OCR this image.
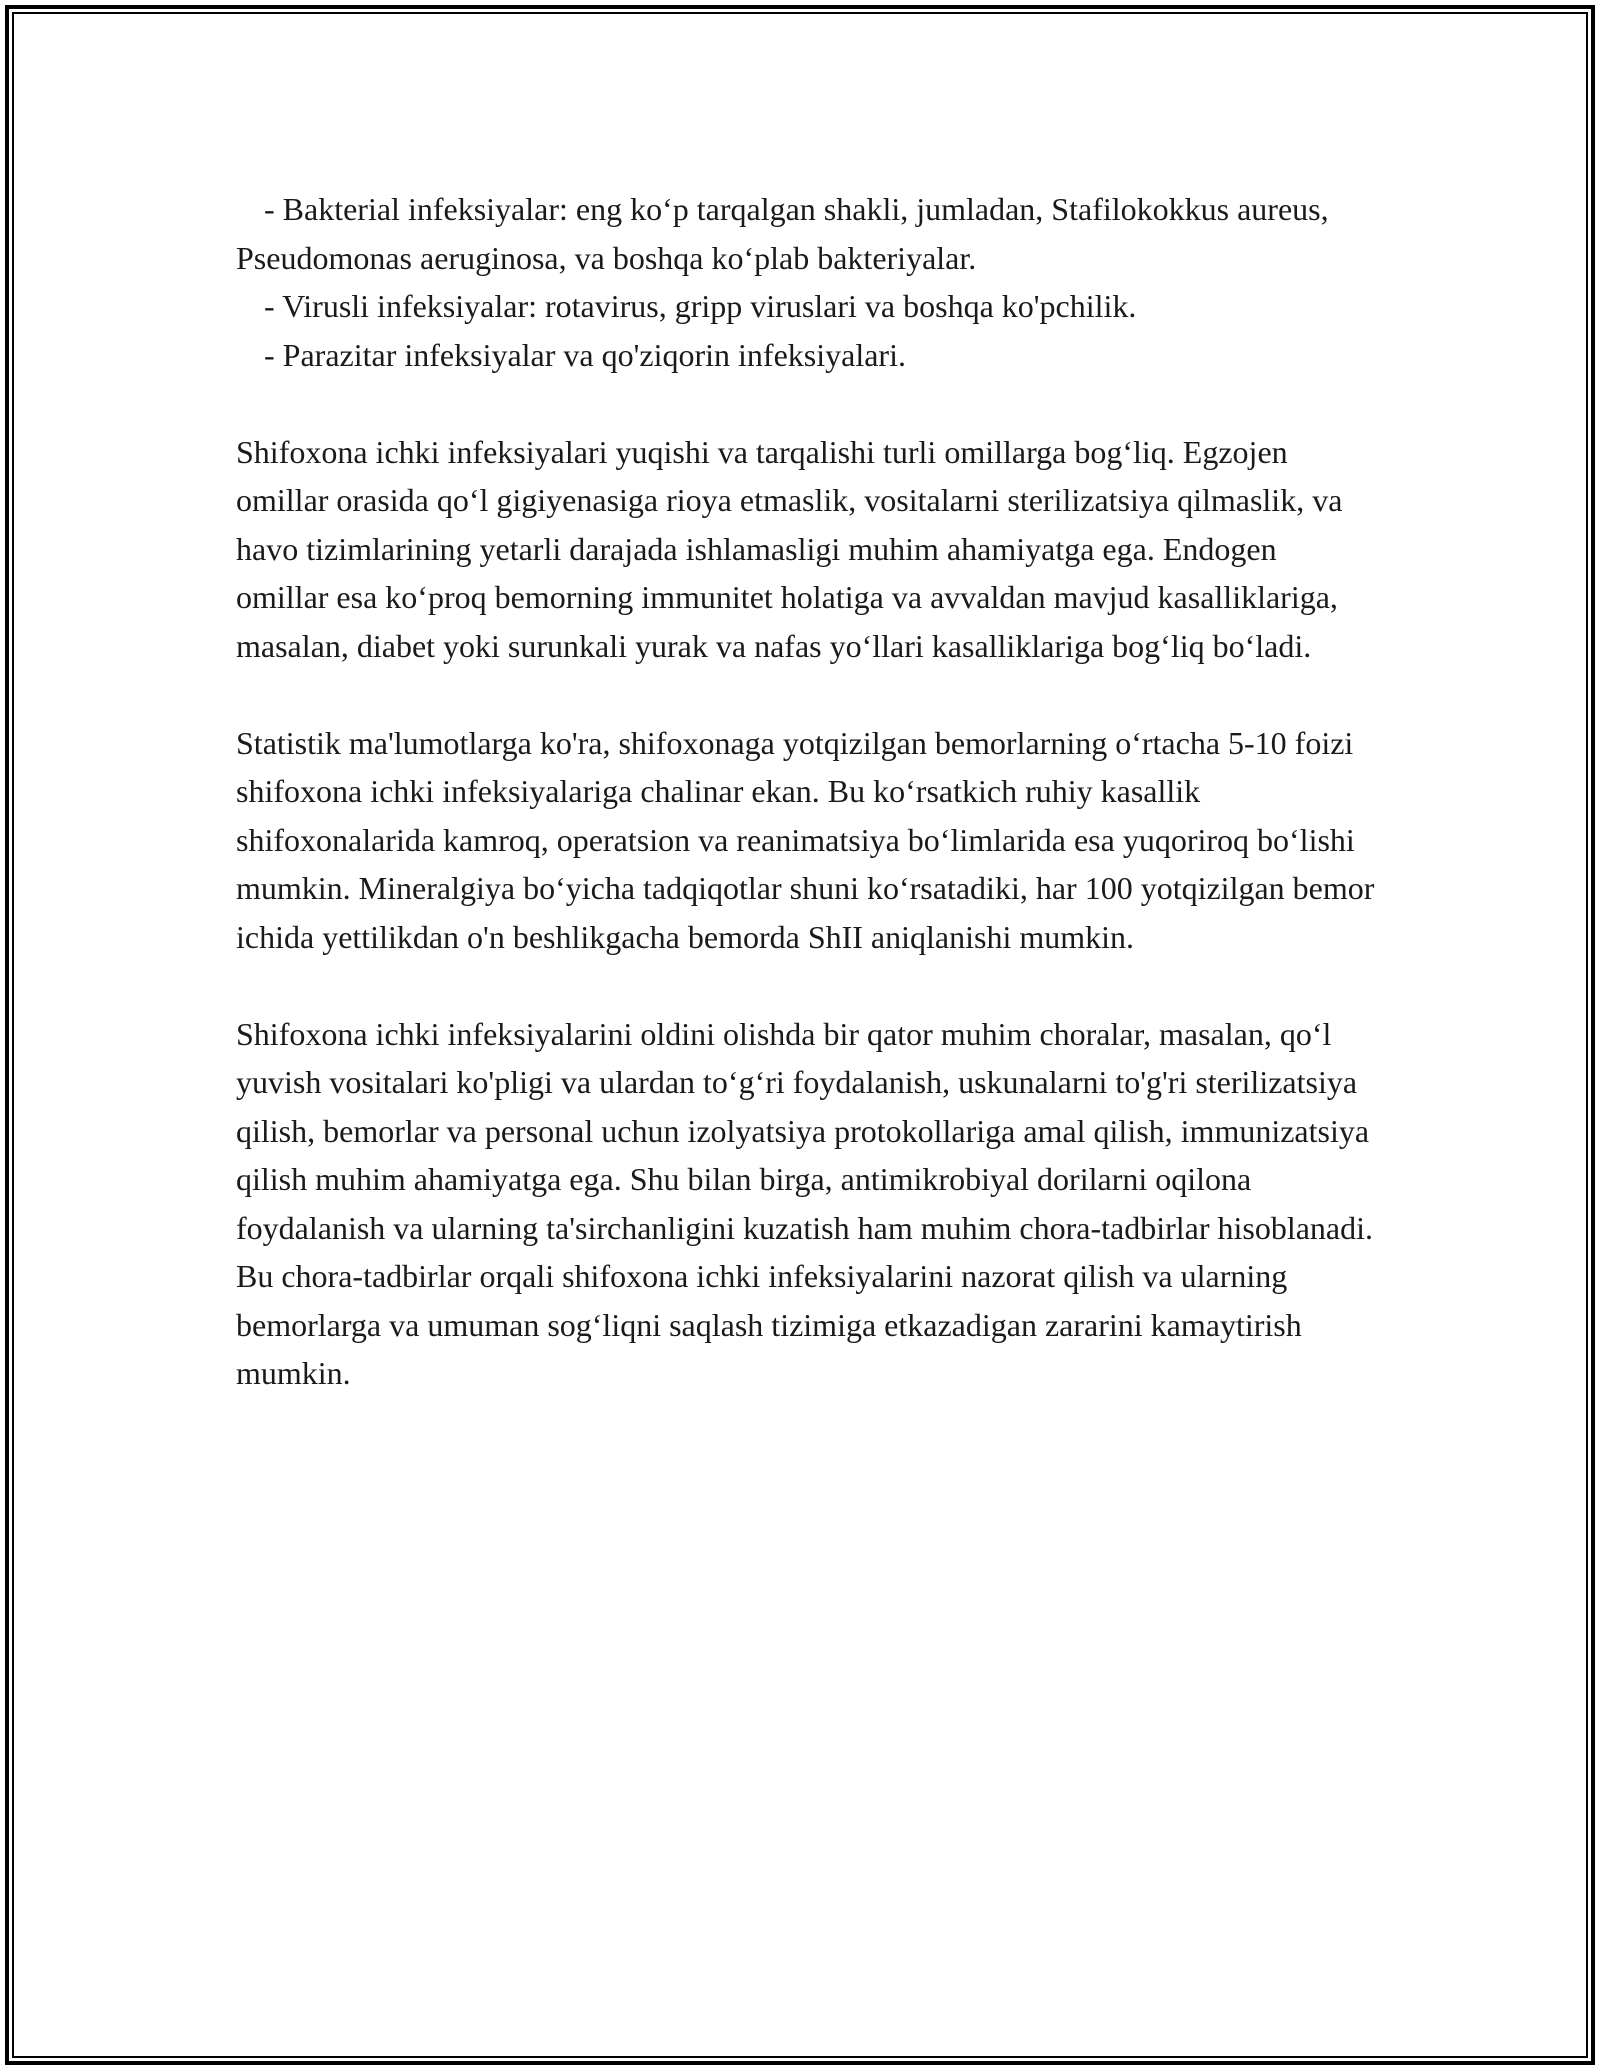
- Bakterial infeksiyalar: eng koʻp tarqalgan shakli, jumladan, Stafilokokkus aureus, Pseudomonas aeruginosa, va boshqa koʻplab bakteriyalar.

- Virusli infeksiyalar: rotavirus, gripp viruslari va boshqa ko'pchilik.

- Parazitar infeksiyalar va qo'ziqorin infeksiyalari.

Shifoxona ichki infeksiyalari yuqishi va tarqalishi turli omillarga bogʻliq. Egzojen omillar orasida qoʻl gigiyenasiga rioya etmaslik, vositalarni sterilizatsiya qilmaslik, va havo tizimlarining yetarli darajada ishlamasligi muhim ahamiyatga ega. Endogen omillar esa koʻproq bemorning immunitet holatiga va avvaldan mavjud kasalliklariga, masalan, diabet yoki surunkali yurak va nafas yoʻllari kasalliklariga bogʻliq boʻladi.

Statistik ma'lumotlarga ko'ra, shifoxonaga yotqizilgan bemorlarning oʻrtacha 5-10 foizi shifoxona ichki infeksiyalariga chalinar ekan. Bu koʻrsatkich ruhiy kasallik shifoxonalarida kamroq, operatsion va reanimatsiya boʻlimlarida esa yuqoriroq boʻlishi mumkin. Mineralgiya boʻyicha tadqiqotlar shuni koʻrsatadiki, har 100 yotqizilgan bemor ichida yettilikdan o'n beshlikgacha bemorda ShII aniqlanishi mumkin.

Shifoxona ichki infeksiyalarini oldini olishda bir qator muhim choralar, masalan, qoʻl yuvish vositalari ko'pligi va ulardan toʻgʻri foydalanish, uskunalarni to'g'ri sterilizatsiya qilish, bemorlar va personal uchun izolyatsiya protokollariga amal qilish, immunizatsiya qilish muhim ahamiyatga ega. Shu bilan birga, antimikrobiyal dorilarni oqilona foydalanish va ularning ta'sirchanligini kuzatish ham muhim chora-tadbirlar hisoblanadi. Bu chora-tadbirlar orqali shifoxona ichki infeksiyalarini nazorat qilish va ularning bemorlarga va umuman sogʻliqni saqlash tizimiga etkazadigan zararini kamaytirish mumkin.
